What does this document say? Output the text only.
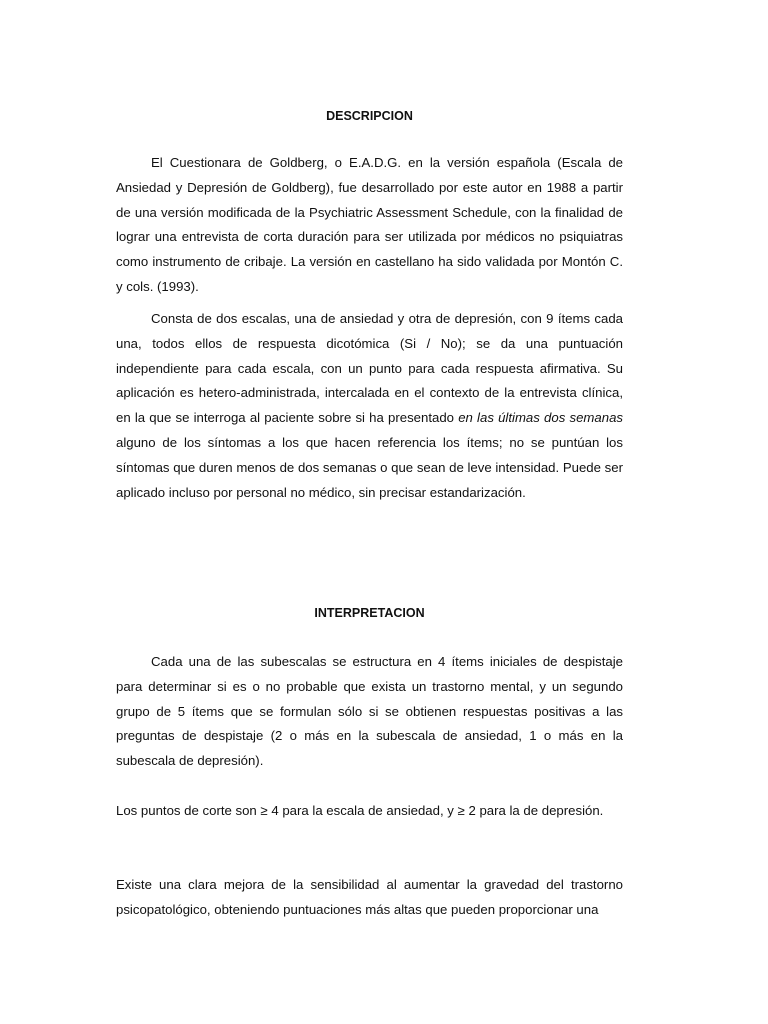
DESCRIPCION

El Cuestionara de Goldberg, o E.A.D.G. en la versión española (Escala de Ansiedad y Depresión de Goldberg), fue desarrollado por este autor en 1988 a partir de una versión modificada de la Psychiatric Assessment Schedule, con la finalidad de lograr una entrevista de corta duración para ser utilizada por médicos no psiquiatras como instrumento de cribaje. La versión en castellano ha sido validada por Montón C. y cols. (1993).

Consta de dos escalas, una de ansiedad y otra de depresión, con 9 ítems cada una, todos ellos de respuesta dicotómica (Si / No); se da una puntuación independiente para cada escala, con un punto para cada respuesta afirmativa. Su aplicación es hetero-administrada, intercalada en el contexto de la entrevista clínica, en la que se interroga al paciente sobre si ha presentado en las últimas dos semanas alguno de los síntomas a los que hacen referencia los ítems; no se puntúan los síntomas que duren menos de dos semanas o que sean de leve intensidad. Puede ser aplicado incluso por personal no médico, sin precisar estandarización.

INTERPRETACION

Cada una de las subescalas se estructura en 4 ítems iniciales de despistaje para determinar si es o no probable que exista un trastorno mental, y un segundo grupo de 5 ítems que se formulan sólo si se obtienen respuestas positivas a las preguntas de despistaje (2 o más en la subescala de ansiedad, 1 o más en la subescala de depresión).

Los puntos de corte son ≥ 4 para la escala de ansiedad, y ≥ 2 para la de depresión.

Existe una clara mejora de la sensibilidad al aumentar la gravedad del trastorno psicopatológico, obteniendo puntuaciones más altas que pueden proporcionar una
